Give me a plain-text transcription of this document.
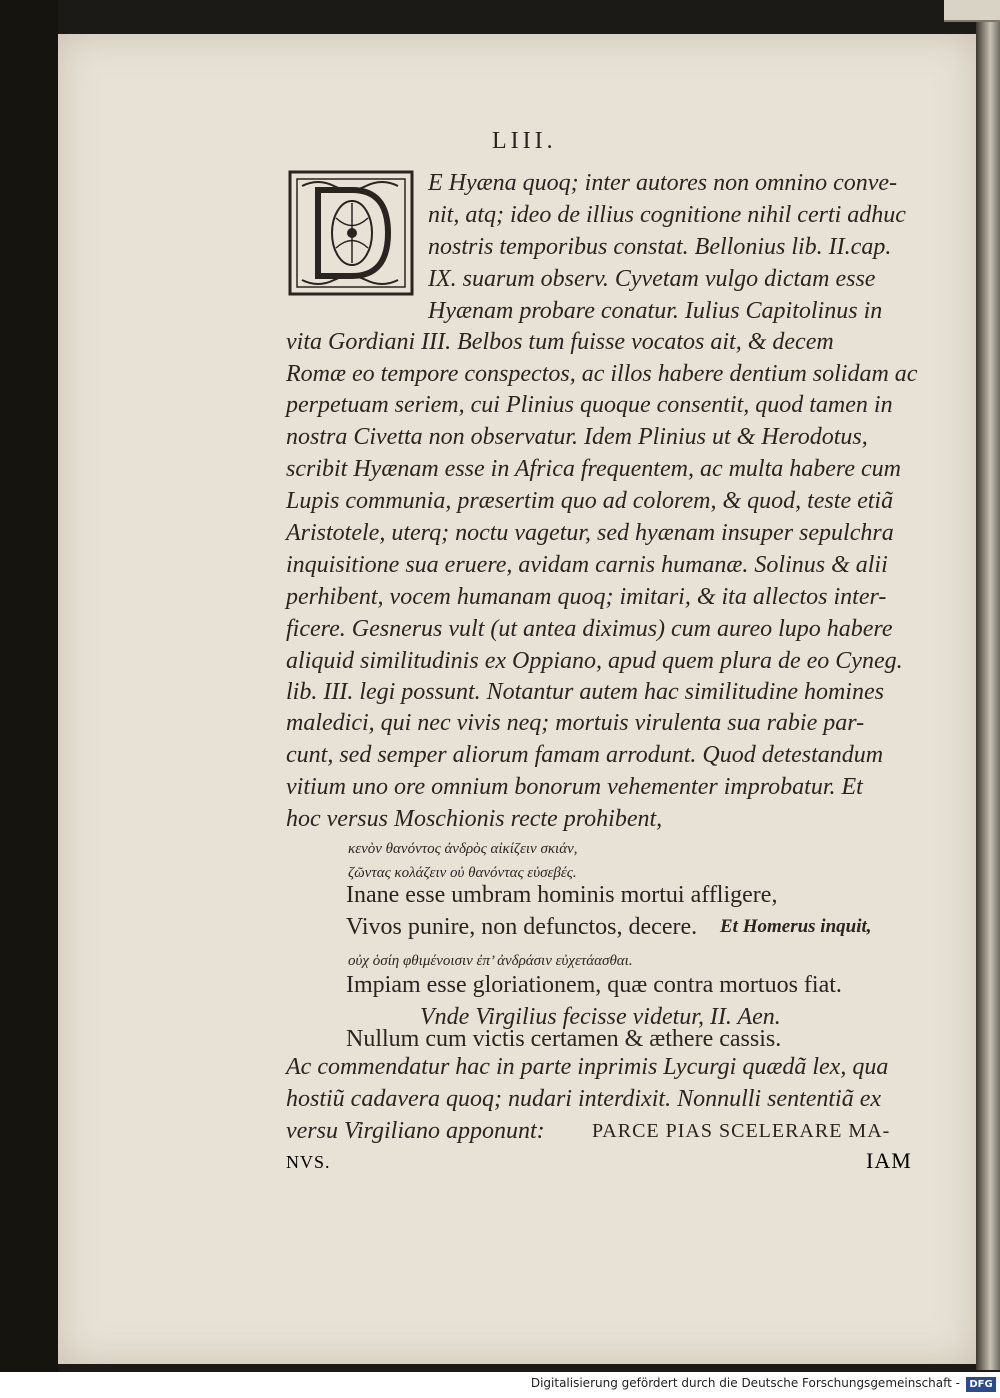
LIII.
E Hyæna quoq; inter autores non omnino conve-
nit, atq; ideo de illius cognitione nihil certi adhuc
nostris temporibus constat. Bellonius lib. II.cap.
IX. suarum observ. Cyvetam vulgo dictam esse
Hyænam probare conatur. Iulius Capitolinus in
vita Gordiani III. Belbos tum fuisse vocatos ait, & decem
Romæ eo tempore conspectos, ac illos habere dentium solidam ac
perpetuam seriem, cui Plinius quoque consentit, quod tamen in
nostra Civetta non observatur. Idem Plinius ut & Herodotus,
scribit Hyænam esse in Africa frequentem, ac multa habere cum
Lupis communia, præsertim quo ad colorem, & quod, teste etiã
Aristotele, uterq; noctu vagetur, sed hyænam insuper sepulchra
inquisitione sua eruere, avidam carnis humanæ. Solinus & alii
perhibent, vocem humanam quoq; imitari, & ita allectos inter-
ficere. Gesnerus vult (ut antea diximus) cum aureo lupo habere
aliquid similitudinis ex Oppiano, apud quem plura de eo Cyneg.
lib. III. legi possunt. Notantur autem hac similitudine homines
maledici, qui nec vivis neq; mortuis virulenta sua rabie par-
cunt, sed semper aliorum famam arrodunt. Quod detestandum
vitium uno ore omnium bonorum vehementer improbatur. Et
hoc versus Moschionis recte prohibent,
κενὸν θανόντος ἀνδρὸς αἰκίζειν σκιάν,
ζῶντας κολάζειν οὐ θανόντας εὐσεβές.
Inane esse umbram hominis mortui affligere,
Vivos punire, non defunctos, decere. Et Homerus inquit,
οὐχ ὁσίη φθιμένοισιν ἐπ’ ἀνδράσιν εὐχετάασθαι.
Impiam esse gloriationem, quæ contra mortuos fiat.
Vnde Virgilius fecisse videtur, II. Aen.
Nullum cum victis certamen & æthere cassis.
Ac commendatur hac in parte inprimis Lycurgi quædã lex, qua
hostiũ cadavera quoq; nudari interdixit. Nonnulli sententiã ex
versu Virgiliano apponunt: PARCE PIAS SCELERARE MA-
NVS.	IAM
Digitalisierung gefördert durch die Deutsche Forschungsgemeinschaft - DFG
